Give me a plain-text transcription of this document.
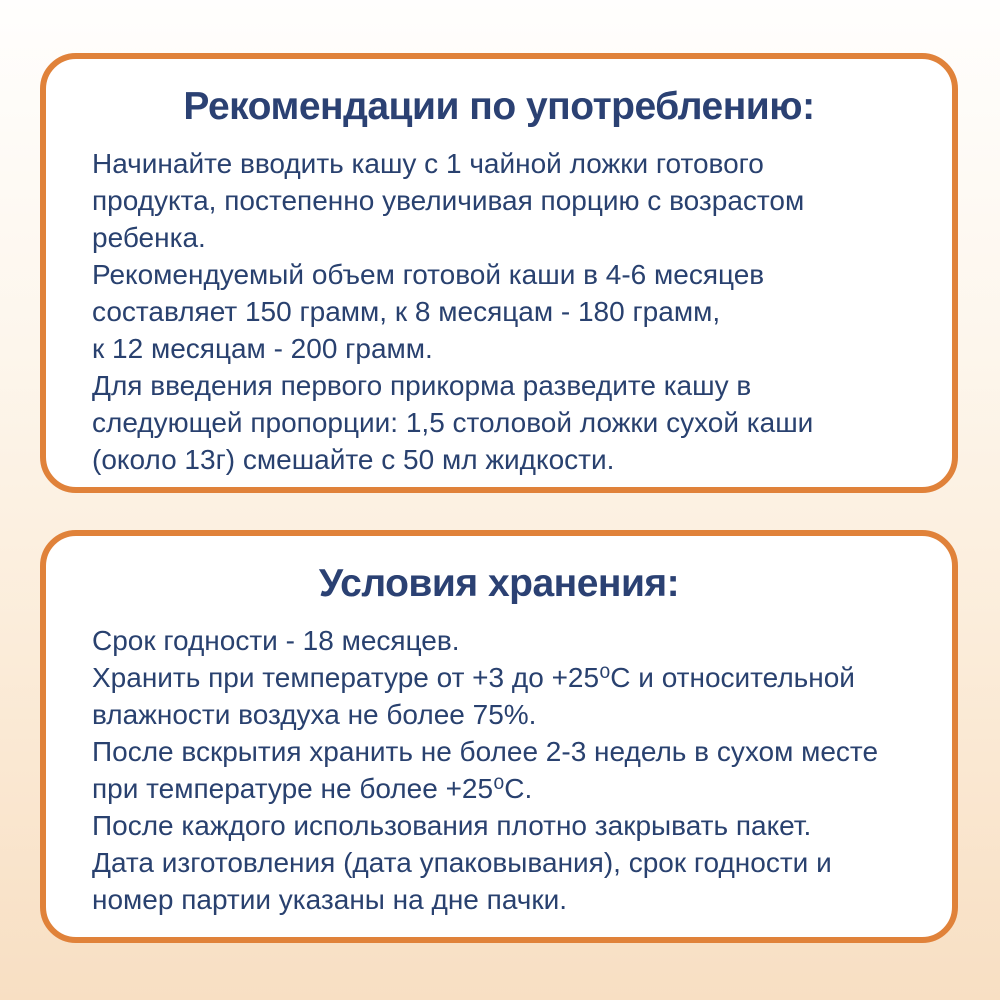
Рекомендации по употреблению:
Начинайте вводить кашу с 1 чайной ложки готового
продукта, постепенно увеличивая порцию с возрастом
ребенка.
Рекомендуемый объем готовой каши в 4-6 месяцев
составляет 150 грамм, к 8 месяцам - 180 грамм,
к 12 месяцам - 200 грамм.
Для введения первого прикорма разведите кашу в
следующей пропорции: 1,5 столовой ложки сухой каши
(около 13г) смешайте с 50 мл жидкости.
Условия хранения:
Срок годности - 18 месяцев.
Хранить при температуре от +3 до +25⁰С и относительной
влажности воздуха не более 75%.
После вскрытия хранить не более 2-3 недель в сухом месте
при температуре не более +25⁰С.
После каждого использования плотно закрывать пакет.
Дата изготовления (дата упаковывания), срок годности и
номер партии указаны на дне пачки.
